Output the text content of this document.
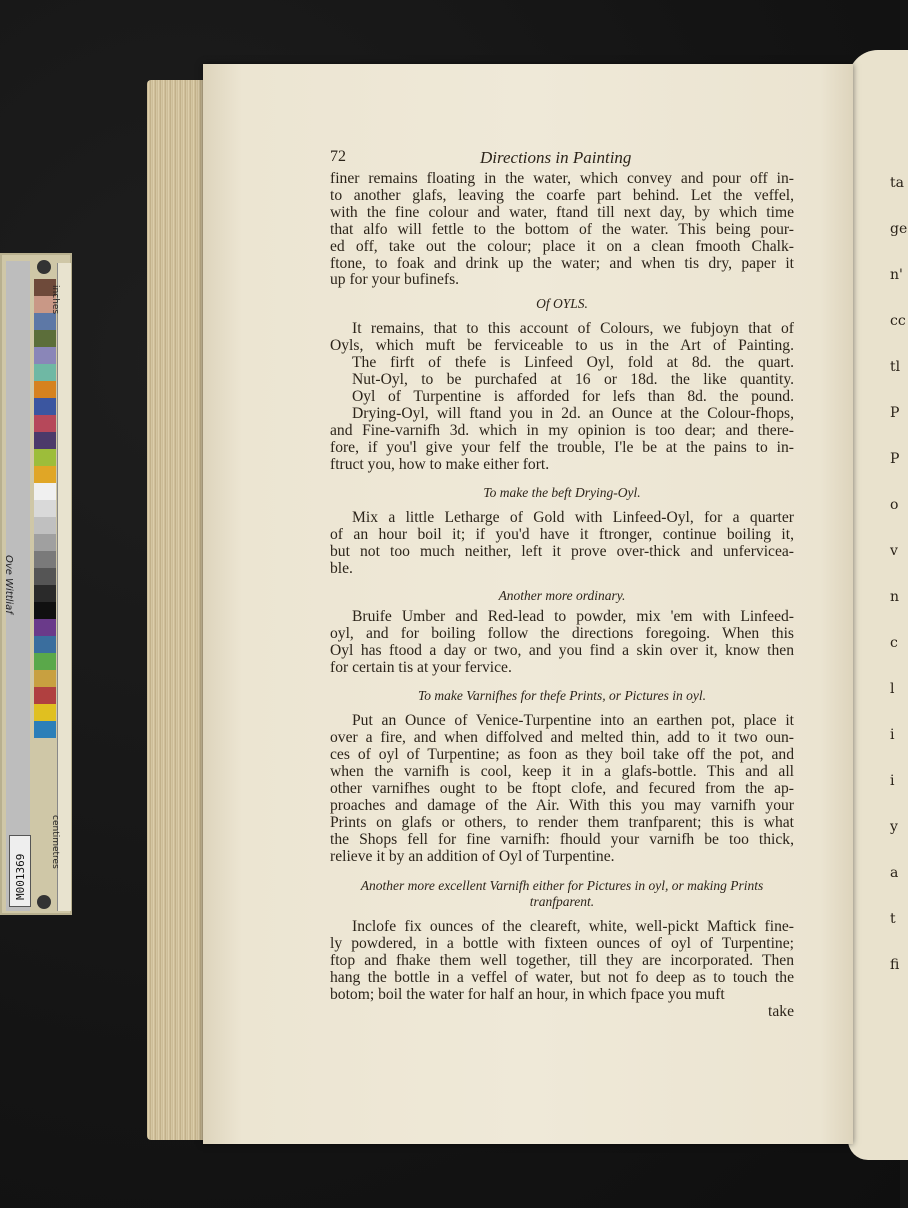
inches
centimetres
Ove Wittliaf
M001369
ta
ge
n'
cc
tl
P
P
o
v
n
c
l
i
i
y
a
t
fi
72	Directions in Painting
finer remains floating in the water, which convey and pour off in-
to another glafs, leaving the coarfe part behind. Let the veffel,
with the fine colour and water, ftand till next day, by which time
that alfo will fettle to the bottom of the water. This being pour-
ed off, take out the colour; place it on a clean fmooth Chalk-
ftone, to foak and drink up the water; and when tis dry, paper it
up for your bufinefs.
Of OYLS.
It remains, that to this account of Colours, we fubjoyn that of
Oyls, which muft be ferviceable to us in the Art of Painting.
The firft of thefe is Linfeed Oyl, fold at 8d. the quart.
Nut-Oyl, to be purchafed at 16 or 18d. the like quantity.
Oyl of Turpentine is afforded for lefs than 8d. the pound.
Drying-Oyl, will ftand you in 2d. an Ounce at the Colour-fhops,
and Fine-varnifh 3d. which in my opinion is too dear; and there-
fore, if you'l give your felf the trouble, I'le be at the pains to in-
ftruct you, how to make either fort.
To make the beft Drying-Oyl.
Mix a little Letharge of Gold with Linfeed-Oyl, for a quarter
of an hour boil it; if you'd have it ftronger, continue boiling it,
but not too much neither, left it prove over-thick and unfervicea-
ble.
Another more ordinary.
Bruife Umber and Red-lead to powder, mix 'em with Linfeed-
oyl, and for boiling follow the directions foregoing. When this
Oyl has ftood a day or two, and you find a skin over it, know then
for certain tis at your fervice.
To make Varnifhes for thefe Prints, or Pictures in oyl.
Put an Ounce of Venice-Turpentine into an earthen pot, place it
over a fire, and when diffolved and melted thin, add to it two oun-
ces of oyl of Turpentine; as foon as they boil take off the pot, and
when the varnifh is cool, keep it in a glafs-bottle. This and all
other varnifhes ought to be ftopt clofe, and fecured from the ap-
proaches and damage of the Air. With this you may varnifh your
Prints on glafs or others, to render them tranfparent; this is what
the Shops fell for fine varnifh: fhould your varnifh be too thick,
relieve it by an addition of Oyl of Turpentine.
Another more excellent Varnifh either for Pictures in oyl, or making Prints
tranfparent.
Inclofe fix ounces of the cleareft, white, well-pickt Maftick fine-
ly powdered, in a bottle with fixteen ounces of oyl of Turpentine;
ftop and fhake them well together, till they are incorporated. Then
hang the bottle in a veffel of water, but not fo deep as to touch the
botom; boil the water for half an hour, in which fpace you muft
take
